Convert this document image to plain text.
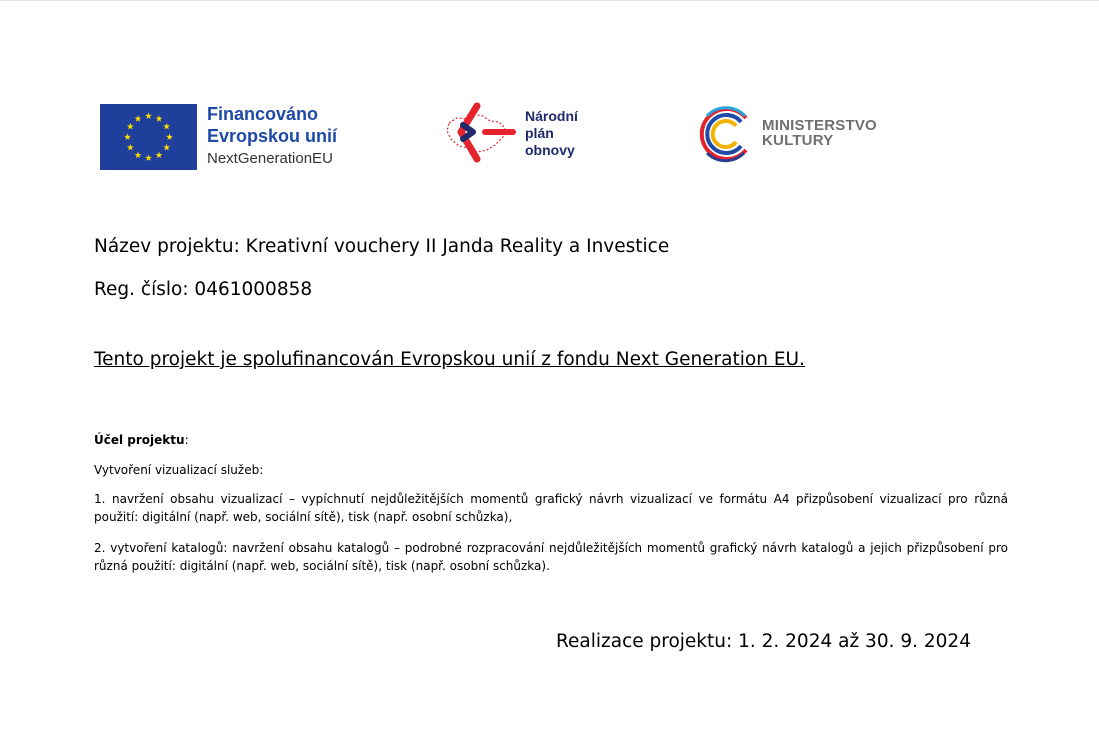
Financováno
Evropskou unií
NextGenerationEU
Národní
plán
obnovy
MINISTERSTVO
KULTURY
Název projektu: Kreativní vouchery II Janda Reality a Investice
Reg. číslo: 0461000858
Tento projekt je spolufinancován Evropskou unií z fondu Next Generation EU.
Účel projektu:
Vytvoření vizualizací služeb:
1. navržení obsahu vizualizací – vypíchnutí nejdůležitějších momentů grafický návrh vizualizací ve formátu A4 přizpůsobení vizualizací pro různá použití: digitální (např. web, sociální sítě), tisk (např. osobní schůzka),
2. vytvoření katalogů: navržení obsahu katalogů – podrobné rozpracování nejdůležitějších momentů grafický návrh katalogů a jejich přizpůsobení pro různá použití: digitální (např. web, sociální sítě), tisk (např. osobní schůzka).
Realizace projektu: 1. 2. 2024 až 30. 9. 2024
